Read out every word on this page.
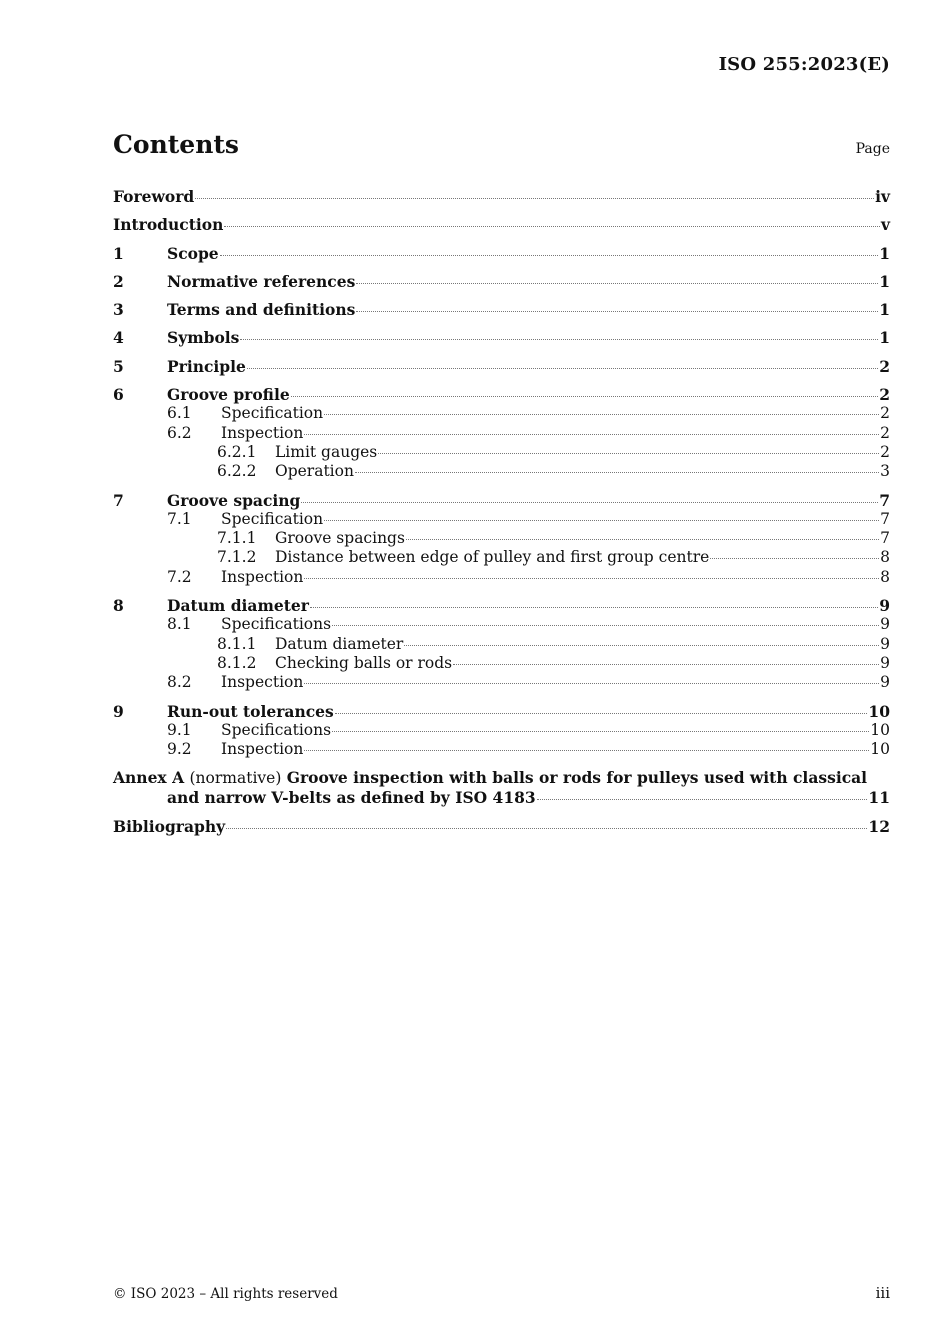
ISO 255:2023(E)
Contents	Page
Foreword	iv
Introduction	v
1	Scope	1
2	Normative references	1
3	Terms and definitions	1
4	Symbols	1
5	Principle	2
6	Groove profile	2
6.1	Specification	2
6.2	Inspection	2
6.2.1	Limit gauges	2
6.2.2	Operation	3
7	Groove spacing	7
7.1	Specification	7
7.1.1	Groove spacings	7
7.1.2	Distance between edge of pulley and first group centre	8
7.2	Inspection	8
8	Datum diameter	9
8.1	Specifications	9
8.1.1	Datum diameter	9
8.1.2	Checking balls or rods	9
8.2	Inspection	9
9	Run-out tolerances	10
9.1	Specifications	10
9.2	Inspection	10
Annex A (normative) Groove inspection with balls or rods for pulleys used with classical
and narrow V-belts as defined by ISO 4183	11
Bibliography	12
© ISO 2023 – All rights reserved	iii
